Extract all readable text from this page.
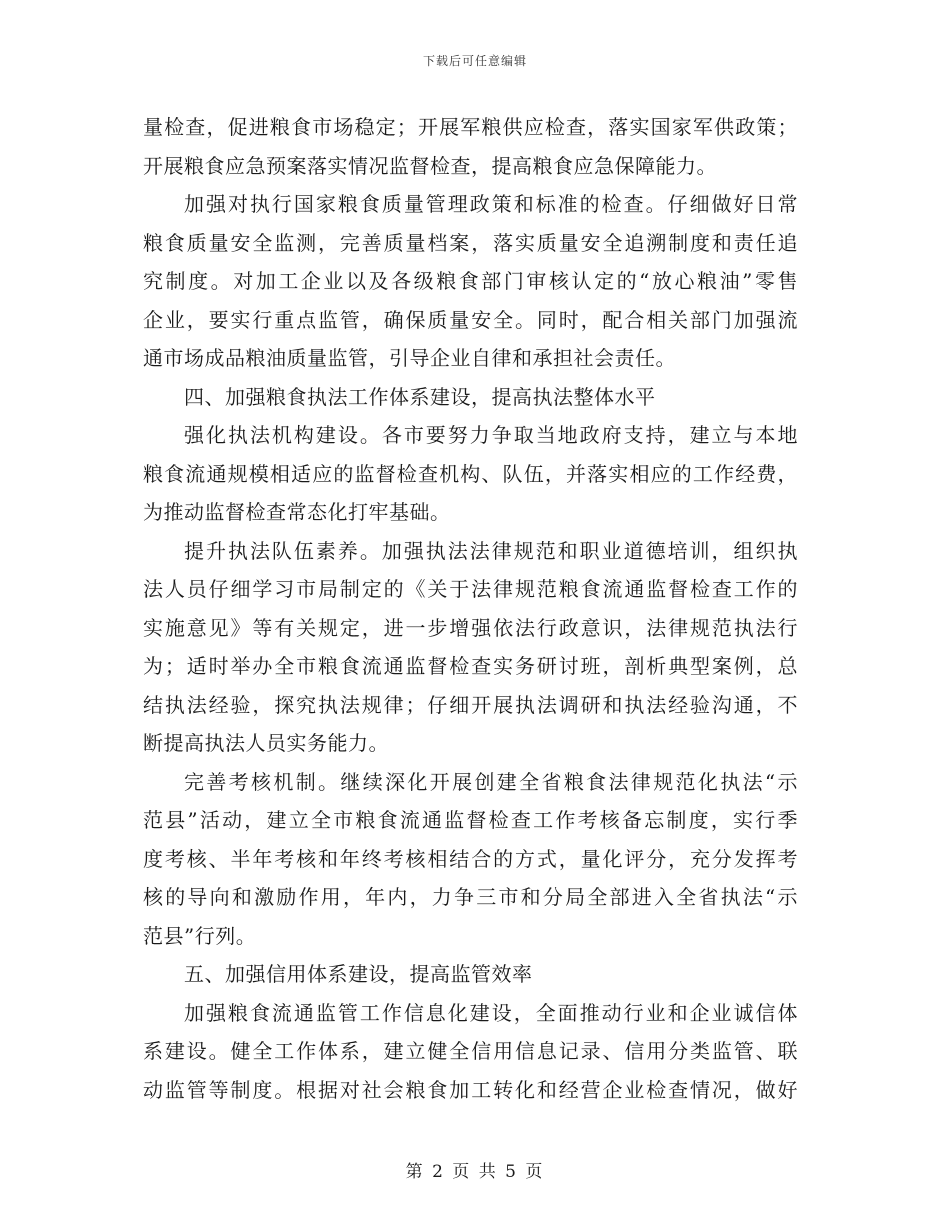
下载后可任意编辑
量检查，促进粮食市场稳定；开展军粮供应检查，落实国家军供政策；
开展粮食应急预案落实情况监督检查，提高粮食应急保障能力。
加强对执行国家粮食质量管理政策和标准的检查。仔细做好日常
粮食质量安全监测，完善质量档案，落实质量安全追溯制度和责任追
究制度。对加工企业以及各级粮食部门审核认定的“放心粮油”零售
企业，要实行重点监管，确保质量安全。同时，配合相关部门加强流
通市场成品粮油质量监管，引导企业自律和承担社会责任。
四、加强粮食执法工作体系建设，提高执法整体水平
强化执法机构建设。各市要努力争取当地政府支持，建立与本地
粮食流通规模相适应的监督检查机构、队伍，并落实相应的工作经费，
为推动监督检查常态化打牢基础。
提升执法队伍素养。加强执法法律规范和职业道德培训，组织执
法人员仔细学习市局制定的《关于法律规范粮食流通监督检查工作的
实施意见》等有关规定，进一步增强依法行政意识，法律规范执法行
为；适时举办全市粮食流通监督检查实务研讨班，剖析典型案例，总
结执法经验，探究执法规律；仔细开展执法调研和执法经验沟通，不
断提高执法人员实务能力。
完善考核机制。继续深化开展创建全省粮食法律规范化执法“示
范县”活动，建立全市粮食流通监督检查工作考核备忘制度，实行季
度考核、半年考核和年终考核相结合的方式，量化评分，充分发挥考
核的导向和激励作用，年内，力争三市和分局全部进入全省执法“示
范县”行列。
五、加强信用体系建设，提高监管效率
加强粮食流通监管工作信息化建设，全面推动行业和企业诚信体
系建设。健全工作体系，建立健全信用信息记录、信用分类监管、联
动监管等制度。根据对社会粮食加工转化和经营企业检查情况，做好
第 2 页 共 5 页
